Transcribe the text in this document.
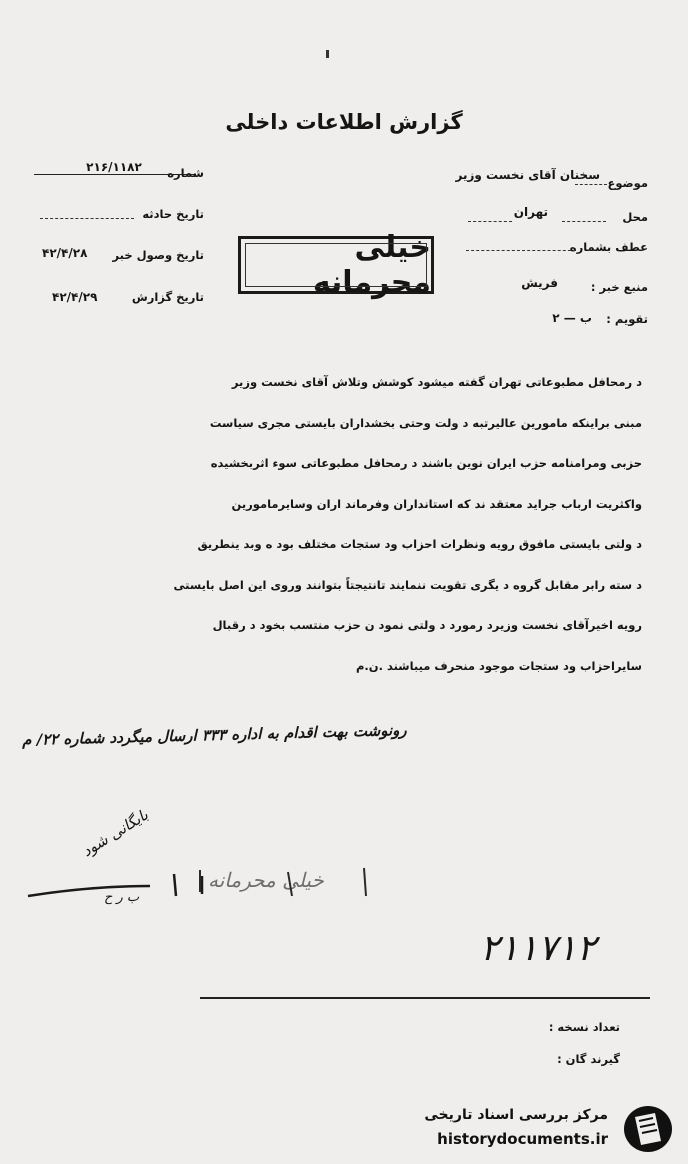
گزارش اطلاعات داخلی
شماره
۲۱۶/۱۱۸۲
تاریخ حادثه
تاریخ وصول خبر
۴۲/۴/۲۸
تاریخ گزارش
۴۲/۴/۲۹
موضوع
سخنان آقای نخست وزیر
محل
تهران
عطف بشماره
منبع خبر :
فریش
تقویم :
ب — ۲
خیلی محرمانه
د رمحافل مطبوعاتی تهران گفته میشود کوشش وتلاش آقای نخست وزیر
مبنی براینکه مامورین عالیرتبه د ولت وحتی بخشداران بایستی مجری سیاست
حزبی ومرامنامه حزب ایران نوین باشند د رمحافل مطبوعاتی سوء اثربخشیده
واکثریت ارباب جراید معتقد ند که استانداران وفرماند اران وسایرمامورین
د ولتی بایستی مافوق رویه ونظرات احزاب ود ستجات مختلف بود ه وبد ینطریق
د سته رابر مقابل گروه د یگری تقویت ننمایند تانتیجتاً بتوانند وروی این اصل بایستی
رویه اخیرآقای نخست وزیرد رمورد د ولتی نمود ن حزب منتسب بخود د رقبال
سایراحزاب ود ستجات موجود منحرف میباشند .ن.م
رونوشت بهت اقدام به اداره ۳۳۳ ارسال میگردد شماره ۲۲/ م
بایگانی شود
ب ر ح
خیلی محرمانه
۲۱۱۷۱۲
تعداد نسخه :
گیرند گان :
مرکز بررسی اسناد تاریخی
historydocuments.ir
